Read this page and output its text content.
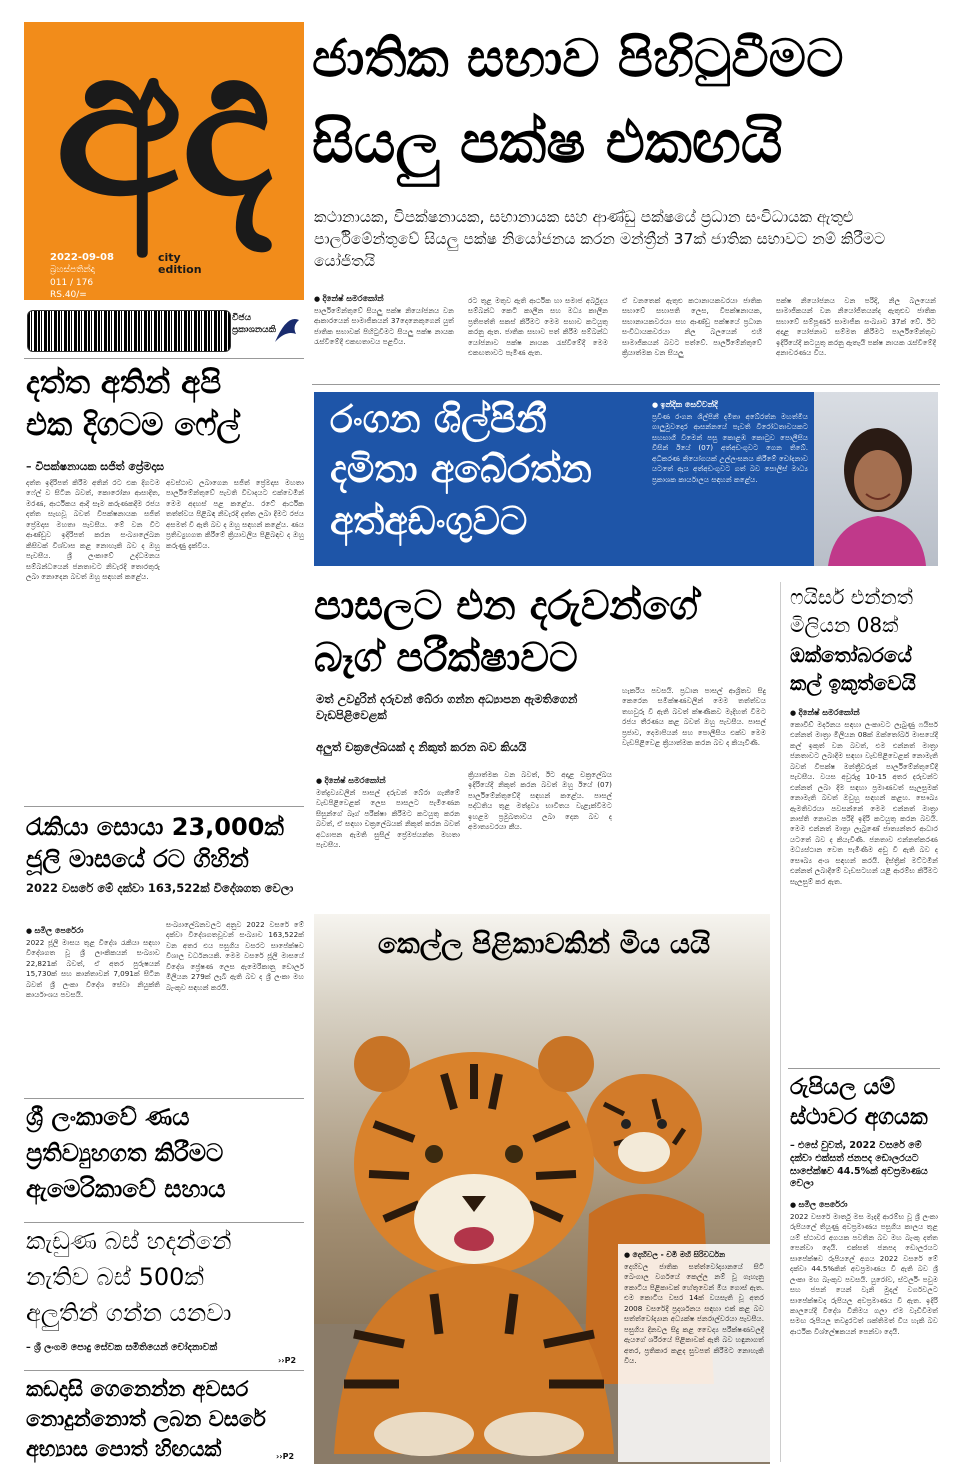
අද
city edition
2022-09-08
බ්‍රහස්පතින්දා
011 / 176
RS.40/=
විජය ප්‍රකාශනයකි
ජාතික සභාව පිහිටුවීමට
සියලු පක්ෂ එකඟයි
කථානායක, විපක්ෂනායක, සභානායක සහ ආණ්ඩු පක්ෂයේ ප්‍රධාන සංවිධායක ඇතුළු පාර්ලිමේන්තුවේ සියලු පක්ෂ නියෝජනය කරන මන්ත්‍රීන් 37ක් ජාතික සභාවට නම් කිරීමට යෝජිතයි
● දිනේෂ් සමරකෝන්
පාර්ලිමේන්තුවේ සියලු පක්ෂ නියෝජනය වන ආකාරයෙන් සාමාජිකයන් 37දෙනෙකුගෙන් යුත් ජාතික සභාවක් පිහිටුවීමට සියලු පක්ෂ නායක රැස්වීමේදී එකඟතාවය පළවිය.
රට තුළ මතුව ඇති ආර්ථික හා සමාජ අර්බුදය සම්බන්ධ කෙටි කාලීන සහ මධ්‍ය කාලීන ප්‍රතිපත්ති සකස් කිරීමට මෙම සභාව කටයුතු කරනු ඇත. ජාතික සභාව පත් කිරීම සම්බන්ධ යෝජනාව පක්ෂ නායක රැස්වීමේදී මෙම එකඟතාවට පැමිණ ඇත.
ඒ වනතෙක් ඇතුළු කථානායකවරයා ජාතික සභාවේ සභාපති ලෙස, විපක්ෂනායක, සභානායකවරයා සහ ආණ්ඩු පක්ෂයේ ප්‍රධාන සංවිධායකවරයා නිල බලයෙන් එහි සාමාජිකයන් බවට පත්වේ. පාර්ලිමේන්තුවේ ක්‍රියාත්මක වන සියලු
පක්ෂ නියෝජනය වන පරිදි, නිල බලයෙන් සාමාජිකයන් වන නියෝජිතයන්ද ඇතුළුව ජාතික සභාවේ සම්පූර්ණ සාමාජික සංඛ්‍යාව 37ක් වේ. ඊට අදාළ යෝජනාව සම්මත කිරීමට පාර්ලිමේන්තුව ඉදිරියේදී කටයුතු කරනු ඇතැයි පක්ෂ නායක රැස්වීමේදී අනාවරණය විය.
දත්ත අතින් අපි
එක දිගටම ෆේල්
– විපක්ෂනායක සජිත් ප්‍රේමදාස
දත්ත ඉදිරිපත් කිරීම අතින් රට එක දිගටම ෆේල් ව සිටින බවත්, කොරෝනා ආසාදිත, මරණ, ආර්ථිකය ආදී සෑම කරුණකදීම රජය දත්ත සැඟවූ බවත් විපක්ෂනායක සජිත් ප්‍රේමදාස මහතා පැවසීය. මේ වන විට ආණ්ඩුව ඉදිරිපත් කරන සංඛ්‍යාලේඛන කිසිවක් විශ්වාස කළ නොහැකි බව ද ඔහු පැවසීය. ශ්‍රී ලංකාවේ උද්ධමනය සම්බන්ධයෙන් ජනතාවට නිවැරදි තොරතුරු ලබා නොදෙන බවත් ඔහු සඳහන් කළේය.
අවස්ථාව ලබාගෙන සජිත් ප්‍රේමදාස මහතා පාර්ලිමේන්තුවේ පැවති විවාදයට එක්වෙමින් මෙම අදහස් පළ කළේය. රටේ ආර්ථික තත්ත්වය පිළිබඳ නිවැරදි දත්ත ලබා දීමට රජය අසමත් වී ඇති බව ද ඔහු සඳහන් කළේය. ණය ප්‍රතිව්‍යුහගත කිරීමේ ක්‍රියාවලිය පිළිබඳව ද ඔහු කරුණු දැක්වීය.
රංගන ශිල්පිනී
දමිතා අබේරත්න
අත්අඩංගුවට
● ඉන්දික සෙව්වන්දි
ප්‍රවීණ රංගන ශිල්පිනී දමිතා අබේරත්න මහත්මිය ගාලුමුවදොර ආසන්නයේ පැවති විරෝධතාවයකට සහභාගී වීමෙන් පසු කොළඹ කොටුව පොලීසිය විසින් ඊයේ (07) අත්අඩංගුවට ගෙන තිබේ. අධිකරණ නියෝගයක් උල්ලංඝනය කිරීමේ චෝදනාව යටතේ ඇය අත්අඩංගුවට ගත් බව පොලිස් මාධ්‍ය ප්‍රකාශක කාර්යාලය සඳහන් කළේය.
පාසලට එන දරුවන්ගේ
බෑග් පරීක්ෂාවට
මත් උවදුරින් දරුවන් බේරා ගන්න අධ්‍යාපන ඇමතිගෙන් වැඩපිළිවෙළක්
අලුත් චක්‍රලේඛයක් ද නිකුත් කරන බව කියයි
● දිනේෂ් සමරකෝන්
මත්ද්‍රව්‍යවලින් පාසල් දරුවන් බේරා ගැනීමේ වැඩපිළිවෙළක් ලෙස පාසලට පැමිණෙන සිසුන්ගේ බෑග් පරීක්ෂා කිරීමට කටයුතු කරන බවත්, ඒ සඳහා චක්‍රලේඛයක් නිකුත් කරන බවත් අධ්‍යාපන ඇමති සුසිල් ප්‍රේමජයන්ත මහතා පැවසීය.
ක්‍රියාත්මක වන බවත්, ඊට අදාළ චක්‍රලේඛය ඉදිරියේදී නිකුත් කරන බවත් ඔහු ඊයේ (07) පාර්ලිමේන්තුවේදී සඳහන් කළේය. පාසල් පද්ධතිය තුළ මත්ද්‍රව්‍ය භාවිතය වැළැක්වීමට ඉහළම ප්‍රමුඛතාවය ලබා දෙන බව ද අමාත්‍යවරයා කීය.
හැකරිය පවසයි. ප්‍රධාන පාසල් ආශ්‍රිතව සිදු කෙරෙන සමීක්ෂණවලින් මෙම තත්ත්වය තහවුරු වී ඇති බවත් ක්ෂණිකව මැදිහත් වීමට රජය තීරණය කළ බවත් ඔහු පැවසීය. පාසල් ප්‍රජාව, දෙමාපියන් සහ පොලීසිය එක්ව මෙම වැඩපිළිවෙළ ක්‍රියාත්මක කරන බව ද කියැවිණි.
රැකියා සොයා 23,000ක්
ජූලි මාසයේ රට ගිහින්
2022 වසරේ මේ දක්වා 163,522ක් විදේශගත වෙලා
● සමිල පෙරේරා
2022 ජූලි මාසය තුළ විදේශ රැකියා සඳහා විදේශගත වූ ශ්‍රී ලාංකිකයන් සංඛ්‍යාව 22,821ක් බවත්, ඒ අතර පුරුෂයන් 15,730ක් සහ කාන්තාවන් 7,091ක් සිටින බවත් ශ්‍රී ලංකා විදේශ සේවා නියුක්ති කාර්යාංශය පවසයි.
සංඛ්‍යාලේඛනවලට අනුව 2022 වසරේ මේ දක්වා විදේශගතවූවන් සංඛ්‍යාව 163,522ක් වන අතර එය පසුගිය වසරට සාපේක්ෂව විශාල වර්ධනයකි. මෙම වසරේ ජූලි මාසයේ විදේශ ප්‍රේෂණ ලෙස ඇමෙරිකානු ඩොලර් මිලියන 279ක් ලැබී ඇති බව ද ශ්‍රී ලංකා මහ බැංකුව සඳහන් කරයි.
ශ්‍රී ලංකාවේ ණය
ප්‍රතිව්‍යුහගත කිරීමට
ඇමෙරිකාවේ සහාය
කැඩුණ බස් හදන්නේ
නැතිව බස් 500ක්
අලුතින් ගන්න යනවා
– ශ්‍රී ලංගම පොදු සේවක සමිතියෙන් චෝදනාවක්
››P2
කඩදාසි ගෙනෙන්න අවසර
නොදුන්නොත් ලබන වසරේ
අභ්‍යාස පොත් හිඟයක්	››P2
කෙල්ල පිළිකාවකින් මිය යයි
● දෙහිවල - චමි මහි සිරිවර්ධන
දෙහිවල ජාතික සත්ත්වෝද්‍යානයේ සිටි බෙංගාල වර්ගයේ කෙල්ල නම් වූ ගැහැනු කොටිය පිළිකාවක් හේතුවෙන් මිය ගොස් ඇත. එම කොටිය වසර 14ක් වයසැති වූ අතර 2008 වසරේදී ප්‍රදර්ශනය සඳහා එක් කළ බව සත්ත්වෝද්‍යාන අධ්‍යක්ෂ ජනරාල්වරයා පැවසීය. පසුගිය දිනවල සිදු කළ වෛද්‍ය පරීක්ෂණවලදී ඇයගේ ශරීරයේ පිළිකාවක් ඇති බව හඳුනාගත් අතර, ප්‍රතිකාර කළද සුවපත් කිරීමට නොහැකි විය.
ෆයිසර් එන්නත්
මිලියන 08ක්
ඔක්තෝබරයේ
කල් ඉකුත්වෙයි
● දිනේෂ් සමරකෝන්
කොවිඩ් මර්දනය සඳහා ලංකාවට ලැබුණු ෆයිසර් එන්නත් මාත්‍රා මිලියන 08ක් ඔක්තෝබර් මාසයේදී කල් ඉකුත් වන බවත්, එම එන්නත් මාත්‍රා ජනතාවට ලබාදීම සඳහා වැඩපිළිවෙළක් නොමැති බවත් විපක්ෂ මන්ත්‍රීවරුන් පාර්ලිමේන්තුවේදී පැවසීය. වයස අවුරුදු 10-15 අතර දරුවන්ට එන්නත් ලබා දීම සඳහා ප්‍රමාණවත් සැලසුමක් නොමැති බවත් ඔවුහු සඳහන් කළහ. සෞඛ්‍ය ඇමතිවරයා පවසන්නේ මෙම එන්නත් මාත්‍රා නාස්ති නොවන පරිදි ඉදිරි කටයුතු කරන බවයි. මෙම එන්නත් මාත්‍රා ලැබුණේ ජාත්‍යන්තර ආධාර යටතේ බව ද කියැවිණි. ජනතාව එන්නත්කරණ මධ්‍යස්ථාන වෙත පැමිණීම අඩු වී ඇති බව ද සෞඛ්‍ය අංශ සඳහන් කරයි. දිස්ත්‍රික් මට්ටමින් එන්නත් ලබාදීමේ වැඩසටහන් යළි ආරම්භ කිරීමට සැලසුම් කර ඇත.
රුපියල යම්
ස්ථාවර අගයක
– එසේ වුවත්, 2022 වසරේ මේ දක්වා එක්සත් ජනපද ඩොලරයට සාපේක්ෂව 44.5%ක් අවප්‍රමාණය වෙලා
● සමිල පෙරේරා
2022 වසරේ මාර්තු මස මැදදී ආරම්භ වූ ශ්‍රී ලංකා රුපියලේ තියුණු අවප්‍රමාණය පසුගිය කාලය තුළ යම් ස්ථාවර අගයක පවතින බව මහ බැංකු දත්ත පෙන්වා දෙයි. එක්සත් ජනපද ඩොලරයට සාපේක්ෂව රුපියලේ අගය 2022 වසරේ මේ දක්වා 44.5%කින් අවප්‍රමාණය වී ඇති බව ශ්‍රී ලංකා මහ බැංකුව පවසයි. යුරෝව, ස්ටර්ලිං පවුම සහ ජපන් යෙන් වැනි මුදල් වර්ගවලට සාපේක්ෂවද රුපියල අවප්‍රමාණය වී ඇත. ඉදිරි කාලයේදී විදේශ විනිමය ගලා ඒම වැඩිවීමත් සමඟ රුපියල තවදුරටත් ශක්තිමත් විය හැකි බව ආර්ථික විශ්ලේෂකයන් පෙන්වා දෙයි.
